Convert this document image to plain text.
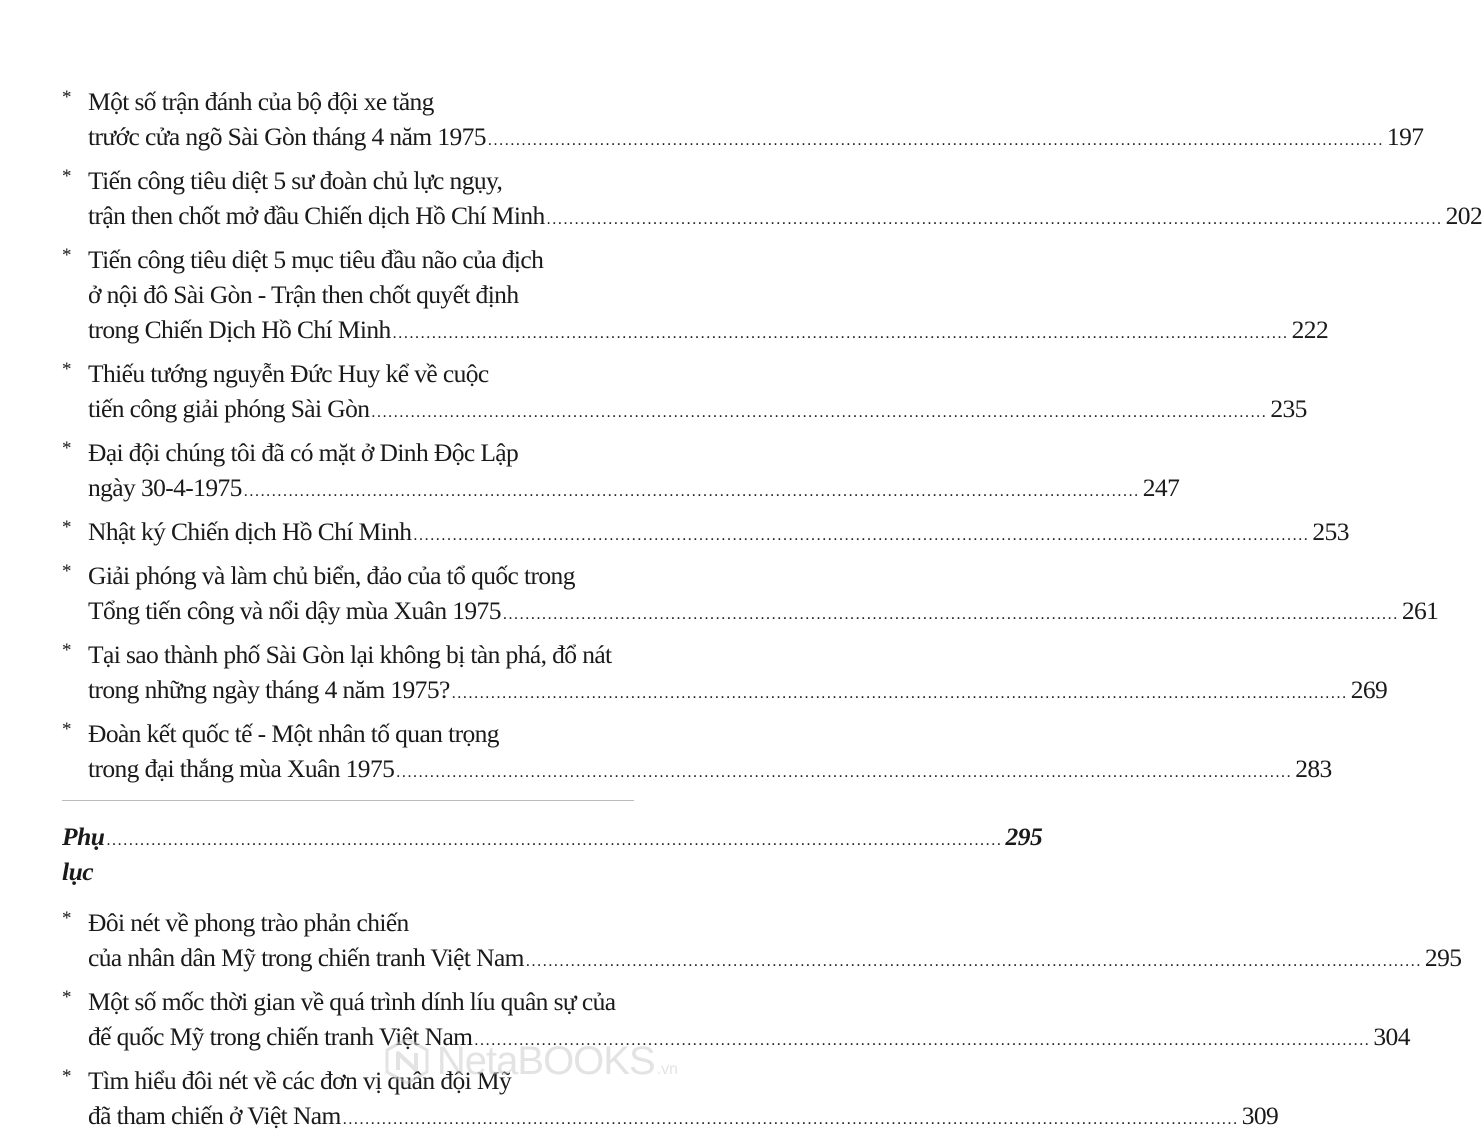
* Một số trận đánh của bộ đội xe tăng
trước cửa ngõ Sài Gòn tháng 4 năm 1975 ................................................................................................................................................................ 197
* Tiến công tiêu diệt 5 sư đoàn chủ lực ngụy,
trận then chốt mở đầu Chiến dịch Hồ Chí Minh ................................................................................................................................................................ 202
* Tiến công tiêu diệt 5 mục tiêu đầu não của địch
ở nội đô Sài Gòn - Trận then chốt quyết định
trong Chiến Dịch Hồ Chí Minh ................................................................................................................................................................ 222
* Thiếu tướng nguyễn Đức Huy kể về cuộc
tiến công giải phóng Sài Gòn ................................................................................................................................................................ 235
* Đại đội chúng tôi đã có mặt ở Dinh Độc Lập
ngày 30-4-1975 ................................................................................................................................................................ 247
* Nhật ký Chiến dịch Hồ Chí Minh ................................................................................................................................................................ 253
* Giải phóng và làm chủ biển, đảo của tổ quốc trong
Tổng tiến công và nổi dậy mùa Xuân 1975 ................................................................................................................................................................ 261
* Tại sao thành phố Sài Gòn lại không bị tàn phá, đổ nát
trong những ngày tháng 4 năm 1975? ................................................................................................................................................................ 269
* Đoàn kết quốc tế - Một nhân tố quan trọng
trong đại thắng mùa Xuân 1975 ................................................................................................................................................................ 283
Phụ lục
................................................................................................................................................................ 295
* Đôi nét về phong trào phản chiến
của nhân dân Mỹ trong chiến tranh Việt Nam ................................................................................................................................................................ 295
* Một số mốc thời gian về quá trình dính líu quân sự của
đế quốc Mỹ trong chiến tranh Việt Nam ................................................................................................................................................................ 304
* Tìm hiểu đôi nét về các đơn vị quân đội Mỹ
đã tham chiến ở Việt Nam ................................................................................................................................................................ 309
NetaBOOKS .vn
